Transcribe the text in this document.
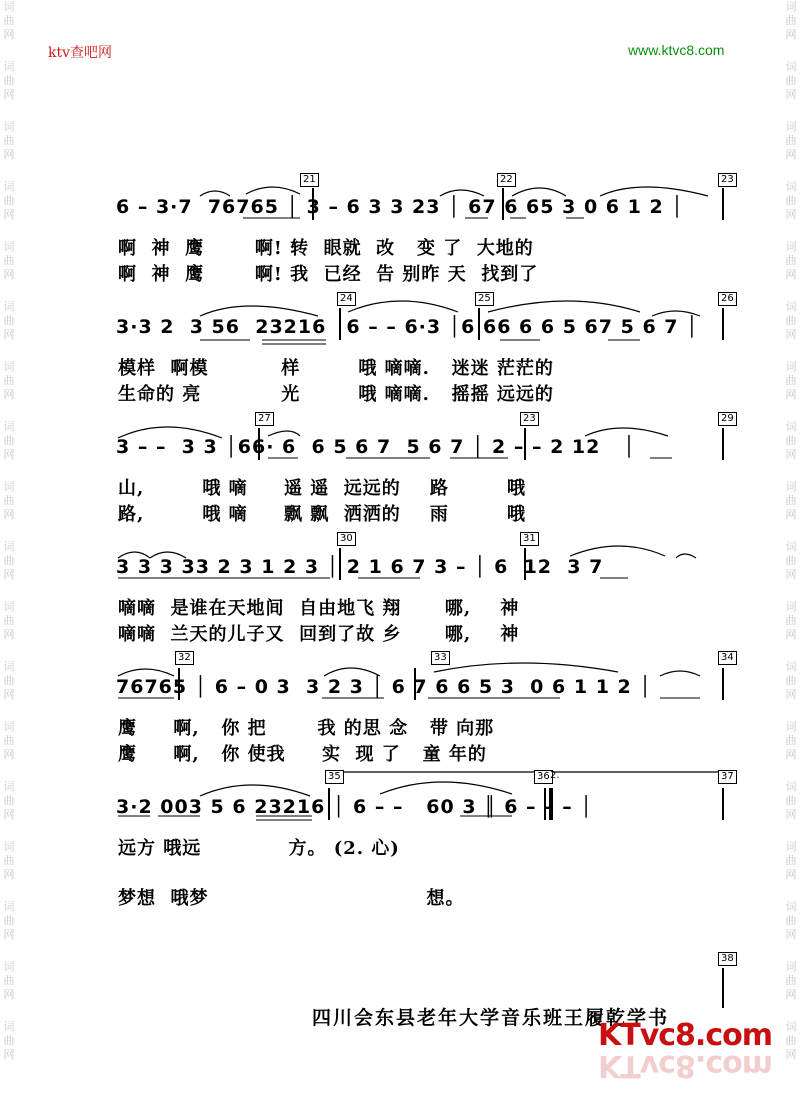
词
曲
网
词
曲
网
词
曲
网
词
曲
网
词
曲
网
词
曲
网
词
曲
网
词
曲
网
词
曲
网
词
曲
网
词
曲
网
词
曲
网
词
曲
网
词
曲
网
词
曲
网
词
曲
网
词
曲
网
词
曲
网
词
曲
网
词
曲
网
词
曲
网
词
曲
网
词
曲
网
词
曲
网
词
曲
网
词
曲
网
词
曲
网
词
曲
网
词
曲
网
词
曲
网
词
曲
网
词
曲
网
词
曲
网
词
曲
网
词
曲
网
词
曲
网
ktv查吧网	www.ktvc8.com
21	22	23
24	25	26
27	23	29
30	31
32	33	34
35	36	37
38
2.
6 – 3·7  76765 │ 3 – 6 3 3 23 │ 67 6 65 3 0 6 1 2 │
啊  神  鹰       啊! 转  眼就  改   变 了  大地的
啊  神  鹰       啊! 我  已经  告 别昨 天  找到了
3·3 2  3 56  23216 │6 – – 6·3 │6 66 6 6 5 67 5 6 7 │
模样  啊模          样        哦 嘀嘀.   迷迷 茫茫的
生命的 亮           光        哦 嘀嘀.   摇摇 远远的
3 – –  3 3 │66· 6  6 5 6 7  5 6 7 │ 2 – – 2 12   │
山,        哦 嘀     遥 遥  远远的    路        哦
路,        哦 嘀     飘 飘  洒洒的    雨        哦
3 3 3 33 2 3 1 2 3 │ 2 1 6 7 3 – │ 6  12  3 7
嘀嘀  是谁在天地间  自由地飞 翔      哪,    神
嘀嘀  兰天的儿子又  回到了故 乡      哪,    神
76765 │ 6 – 0 3  3 2 3 │ 6 7 6 6 5 3  0 6 1 1 2 │
鹰     啊,   你 把       我 的思 念   带 向那
鹰     啊,   你 使我     实  现 了   童 年的
3·2 003 5 6 23216 │ 6 – –   60 3 ║ 6 – – – │
远方 哦远            方。 (2. 心)
梦想  哦梦                              想。
四川会东县老年大学音乐班王履乾学书
KTvc8.com
KTvc8.com
